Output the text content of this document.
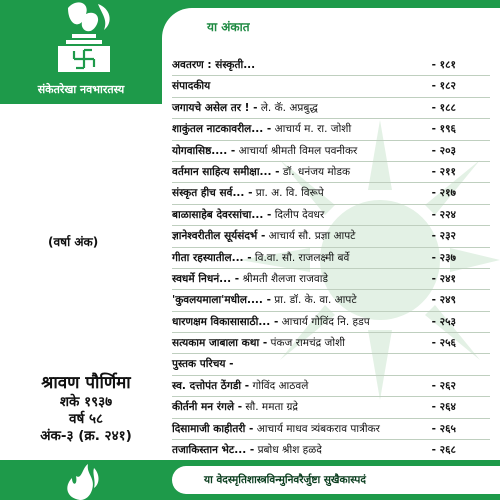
संकेतरेखा नवभारतस्य
या अंकात
अवतरण : संस्कृती...	- १८१
संपादकीय	- १८२
जगायचे असेल तर ! - ले. कॅ. अप्रबुद्ध	- १८८
शाकुंतल नाटकावरील... - आचार्य म. रा. जोशी	- १९६
योगवासिष्ठ.... - आचार्या श्रीमती विमल पवनीकर	- २०३
वर्तमान साहित्य समीक्षा... - डॉ. धनंजय मोडक	- २११
संस्कृत हीच सर्व... - प्रा. अ. वि. विरूपे	- २१७
बाळासाहेब देवरसांचा... - दिलीप देवधर	- २२४
ज्ञानेश्वरीतील सूर्यसंदर्भ - आचार्य सौ. प्रज्ञा आपटे	- २३२
गीता रहस्यातील... - वि.वा. सौ. राजलक्ष्मी बर्वे	- २३७
स्वधर्मे निधनं... - श्रीमती शैलजा राजवाडे	- २४१
'कुवलयमाला'मधील.... - प्रा. डॉ. के. वा. आपटे	- २४९
धारणक्षम विकासासाठी... - आचार्य गोविंद नि. हडप	- २५३
सत्यकाम जाबाला कथा - पंकज रामचंद्र जोशी	- २५६
पुस्तक परिचय -
स्व. दत्तोपंत ठेंगडी - गोविंद आठवले	- २६२
कीर्तनी मन रंगले - सौ. ममता ग्रद्रे	- २६४
दिसामाजी काहीतरी - आचार्य माधव त्र्यंबकराव पात्रीकर	- २६५
तजाकिस्तान भेट... - प्रबोध श्रीश हळदे	- २६८
(वर्षा अंक)
श्रावण पौर्णिमा
शके १९३७
वर्ष ५८
अंक-३ (क्र. २४१)
या वेदस्मृतिशास्त्रविन्मुनिवरैर्जुष्टा सुखैकास्पदं
